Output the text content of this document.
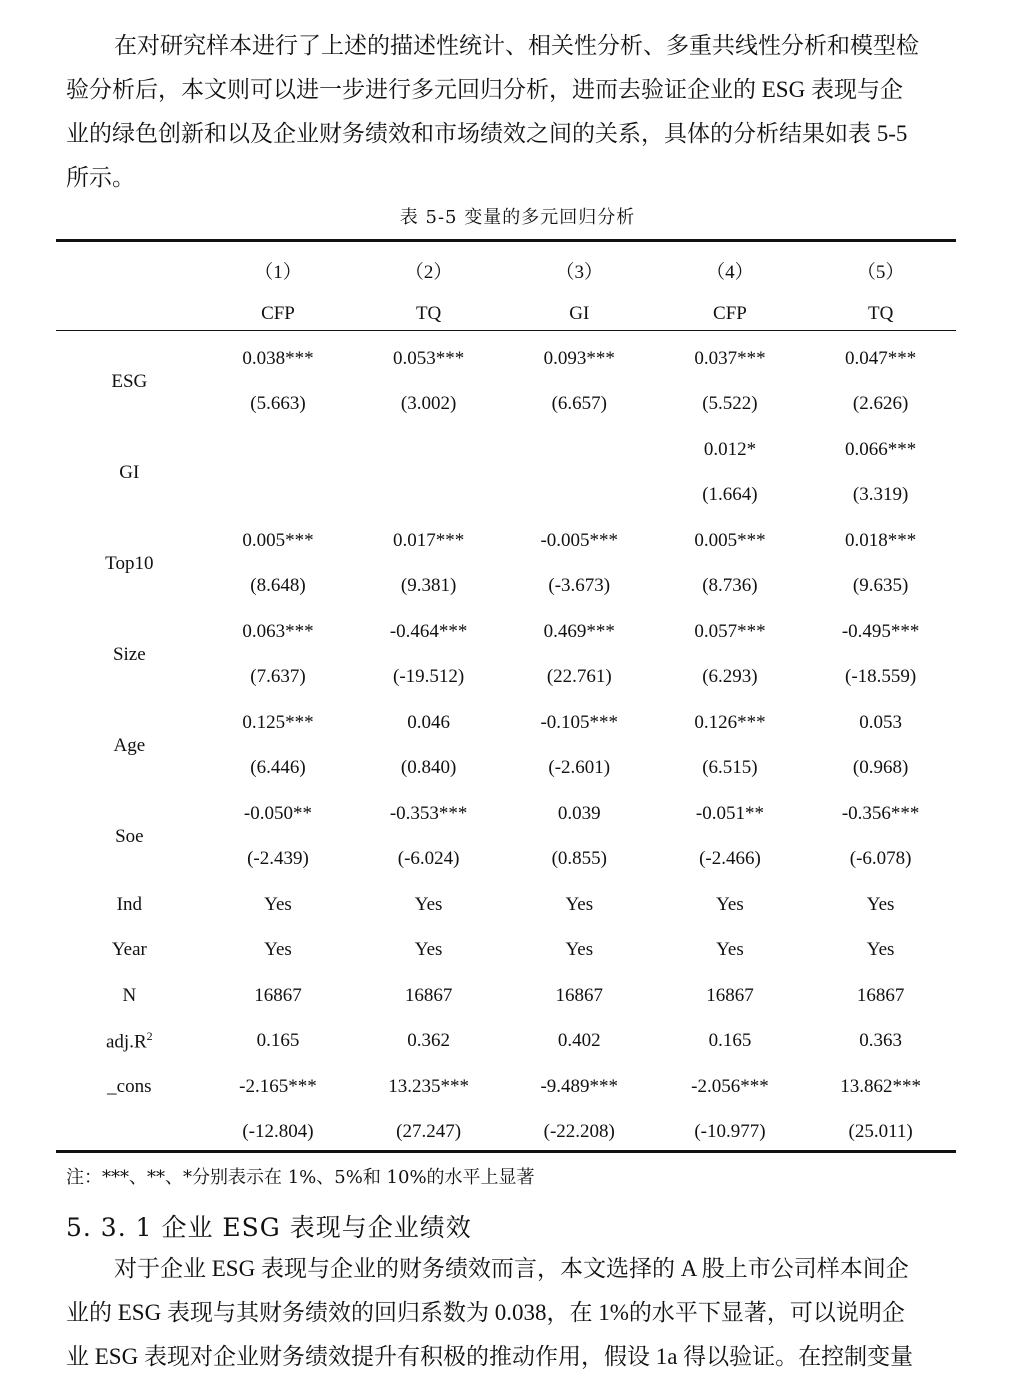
在对研究样本进行了上述的描述性统计、相关性分析、多重共线性分析和模型检
验分析后，本文则可以进一步进行多元回归分析，进而去验证企业的 ESG 表现与企
业的绿色创新和以及企业财务绩效和市场绩效之间的关系，具体的分析结果如表 5-5
所示。
表 5-5 变量的多元回归分析
	（1）	（2）	（3）	（4）	（5）
	CFP	TQ	GI	CFP	TQ
ESG	0.038***	0.053***	0.093***	0.037***	0.047***
	(5.663)	(3.002)	(6.657)	(5.522)	(2.626)
GI				0.012*	0.066***
				(1.664)	(3.319)
Top10	0.005***	0.017***	-0.005***	0.005***	0.018***
	(8.648)	(9.381)	(-3.673)	(8.736)	(9.635)
Size	0.063***	-0.464***	0.469***	0.057***	-0.495***
	(7.637)	(-19.512)	(22.761)	(6.293)	(-18.559)
Age	0.125***	0.046	-0.105***	0.126***	0.053
	(6.446)	(0.840)	(-2.601)	(6.515)	(0.968)
Soe	-0.050**	-0.353***	0.039	-0.051**	-0.356***
	(-2.439)	(-6.024)	(0.855)	(-2.466)	(-6.078)
Ind	Yes	Yes	Yes	Yes	Yes
Year	Yes	Yes	Yes	Yes	Yes
N	16867	16867	16867	16867	16867
$adj.R^2$	0.165	0.362	0.402	0.165	0.363
_cons	-2.165***	13.235***	-9.489***	-2.056***	13.862***
	(-12.804)	(27.247)	(-22.208)	(-10.977)	(25.011)
注：***、**、*分别表示在 1%、5%和 10%的水平上显著
5. 3. 1 企业 ESG 表现与企业绩效
对于企业 ESG 表现与企业的财务绩效而言，本文选择的 A 股上市公司样本间企
业的 ESG 表现与其财务绩效的回归系数为 0.038，在 1%的水平下显著，可以说明企
业 ESG 表现对企业财务绩效提升有积极的推动作用，假设 1a 得以验证。在控制变量
